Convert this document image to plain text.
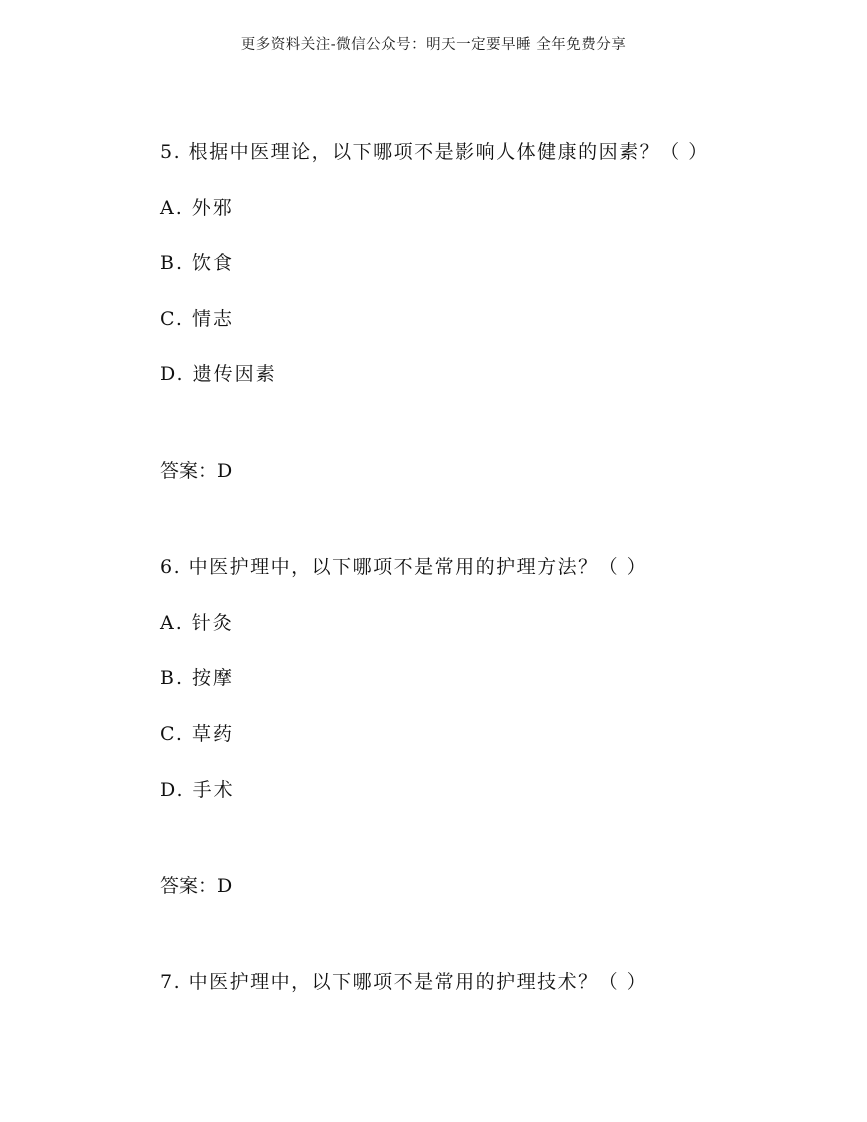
更多资料关注-微信公众号：明天一定要早睡 全年免费分享
5. 根据中医理论，以下哪项不是影响人体健康的因素？（ ）
A. 外邪
B. 饮食
C. 情志
D. 遗传因素
答案：D
6. 中医护理中，以下哪项不是常用的护理方法？（ ）
A. 针灸
B. 按摩
C. 草药
D. 手术
答案：D
7. 中医护理中，以下哪项不是常用的护理技术？（ ）
